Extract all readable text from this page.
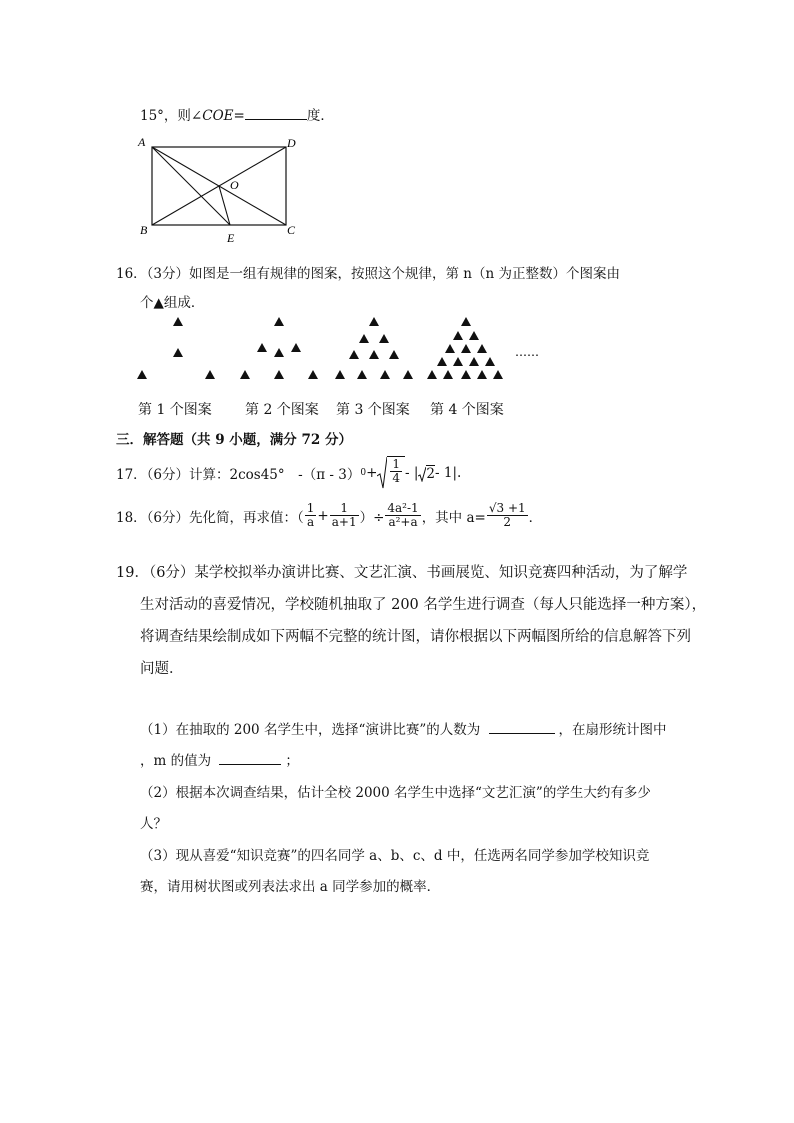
15°，则∠COE=	度．
A	D
O
B
E
C
16．（3分）如图是一组有规律的图案，按照这个规律，第 n（n 为正整数）个图案由
个▲组成．
……
第 1 个图案 第 2 个图案 第 3 个图案 第 4 个图案
三．解答题（共 9 小题，满分 72 分）
17．（6分）计算：2cos45°　-（π - 3） $0 + \frac{1}{4}$ - | 2 - 1|.
18．（6分）先化简，再求值：（ $\frac{1}{a} + \frac{1}{a+1}$ ）÷ $\frac{\text{4a²-1}}{\text{a²+a}}$ ，其中 $a= \frac{√3 +1}{2}$ ．
19．（6分）某学校拟举办演讲比赛、文艺汇演、书画展览、知识竞赛四种活动，为了解学
生对活动的喜爱情况，学校随机抽取了 200 名学生进行调查（每人只能选择一种方案），
将调查结果绘制成如下两幅不完整的统计图，请你根据以下两幅图所给的信息解答下列
问题．
（1）在抽取的 200 名学生中，选择“演讲比赛”的人数为	，在扇形统计图中
，m 的值为	；
（2）根据本次调查结果，估计全校 2000 名学生中选择“文艺汇演”的学生大约有多少
人？
（3）现从喜爱“知识竞赛”的四名同学 a、b、c、d 中，任选两名同学参加学校知识竞
赛，请用树状图或列表法求出 a 同学参加的概率．
